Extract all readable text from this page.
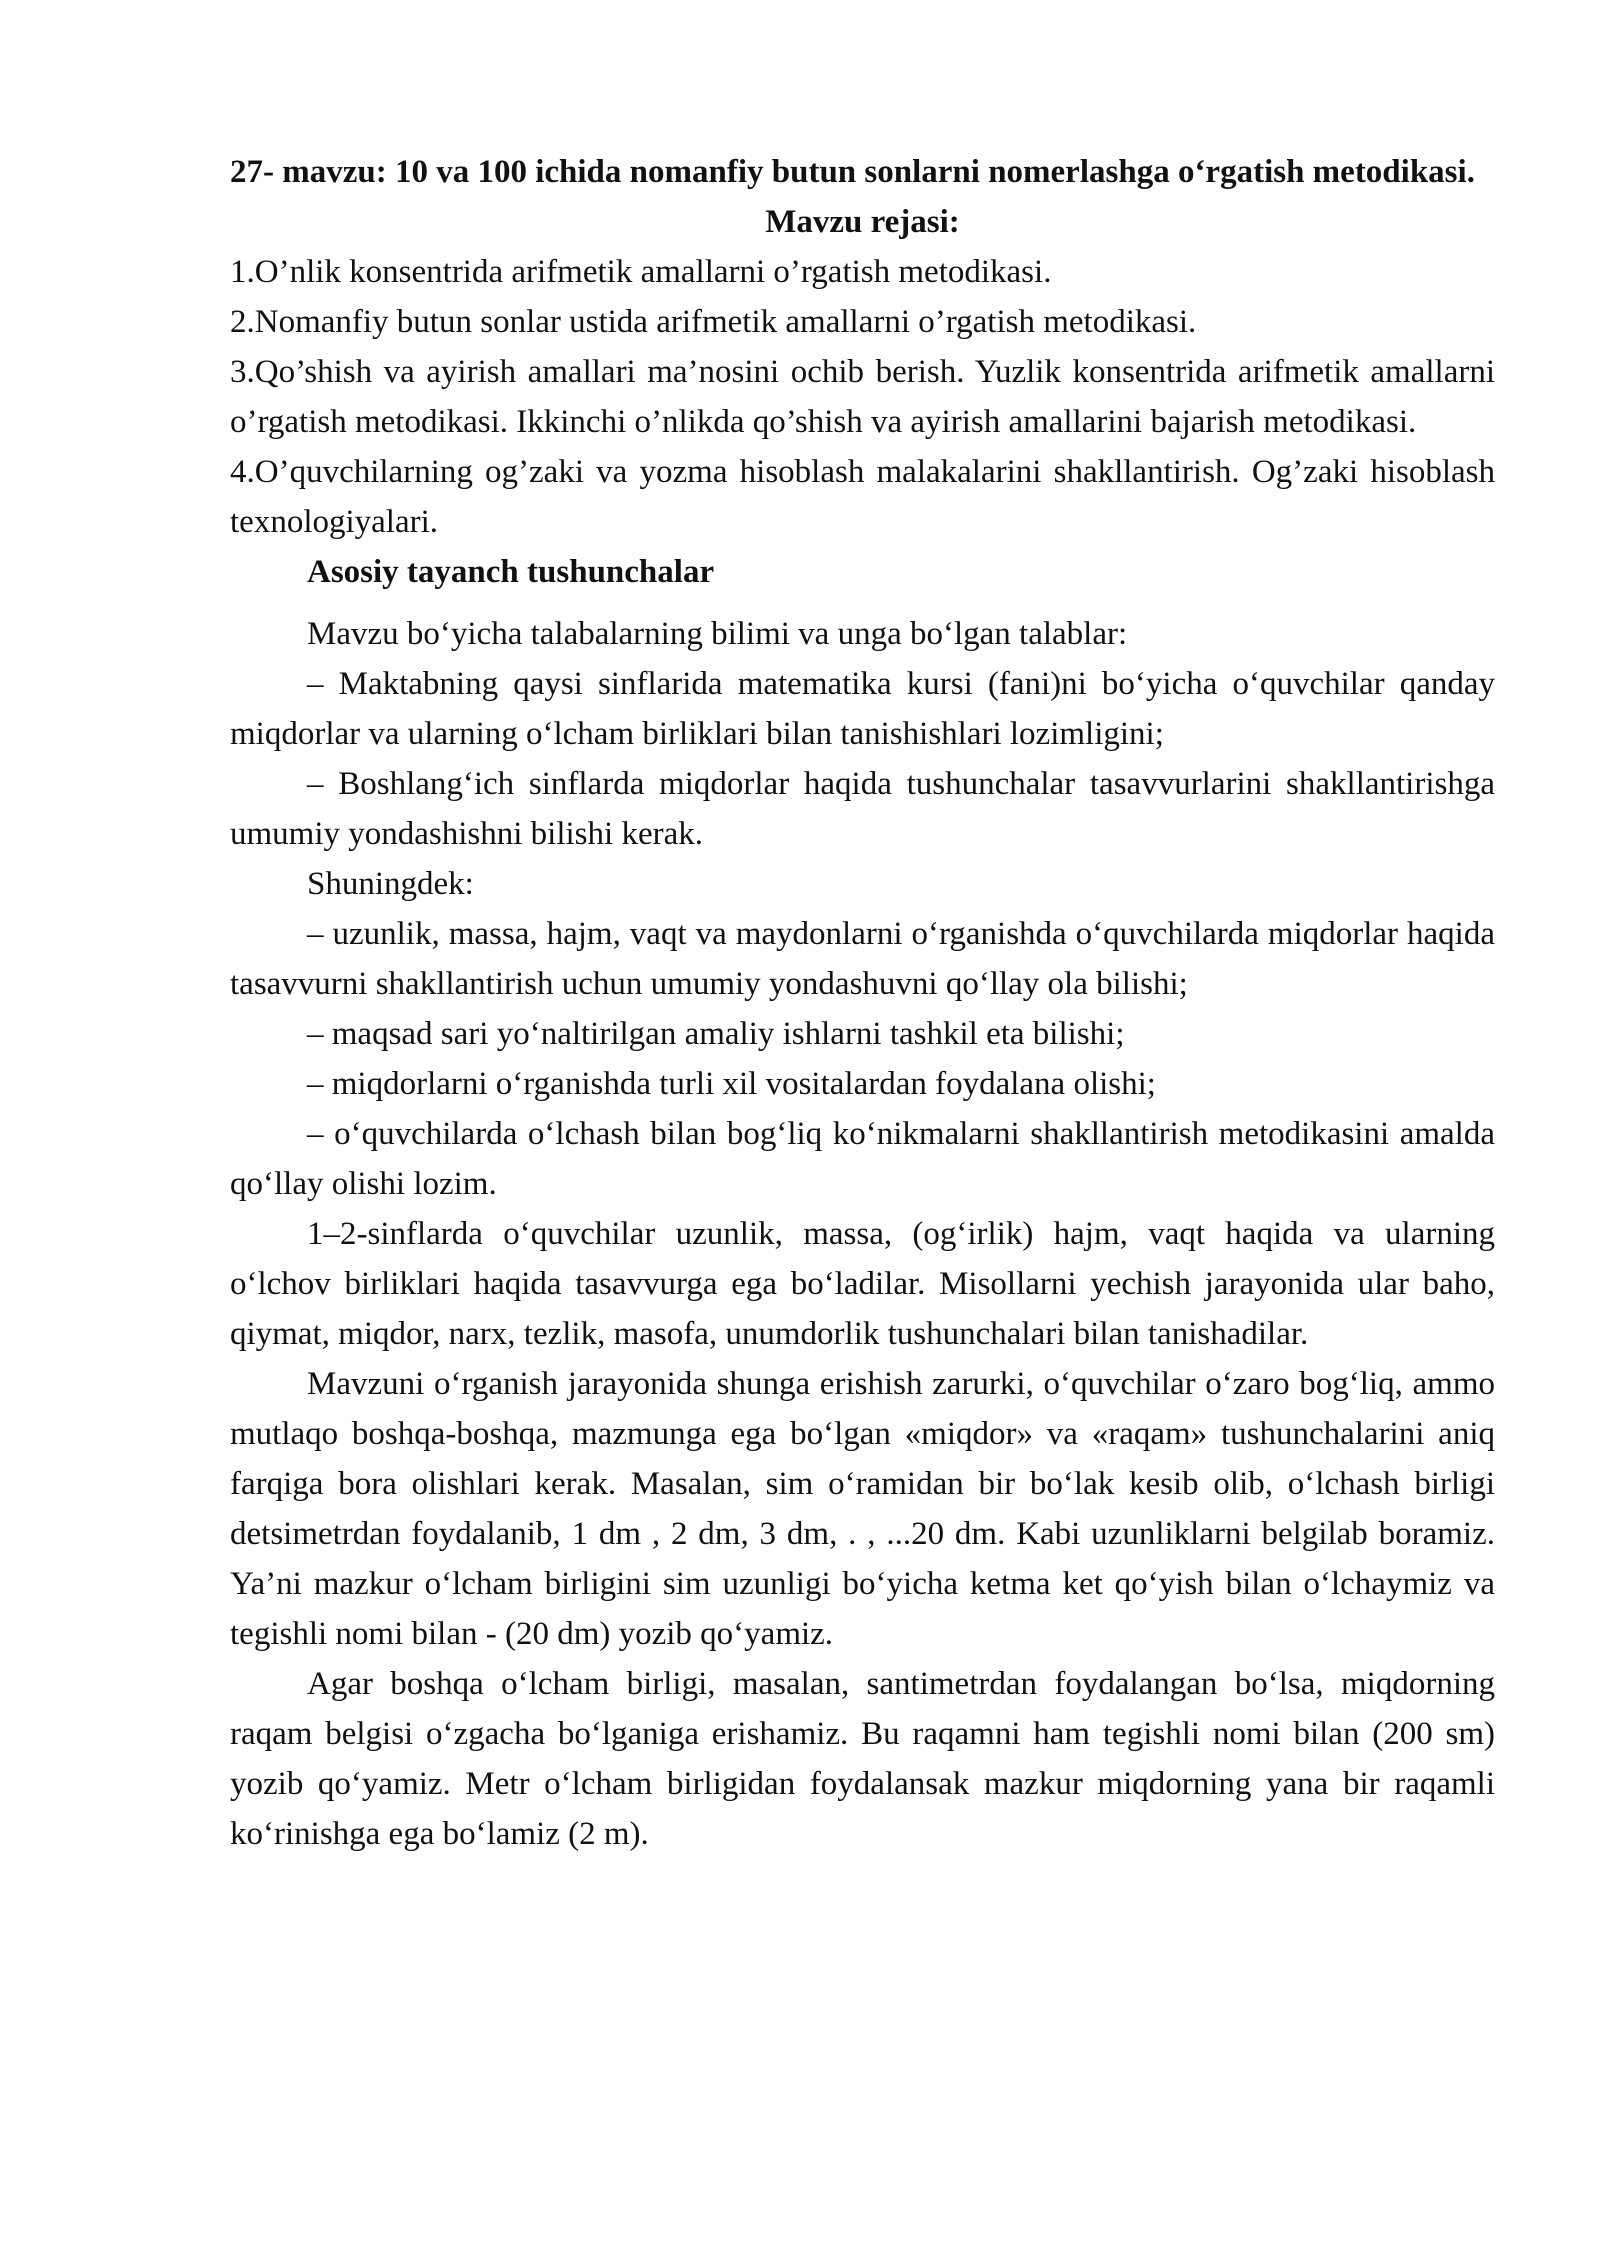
27- mavzu: 10 va 100 ichida nomanfiy butun sonlarni nomerlashga o‘rgatish metodikasi.

Mavzu rejasi:

1.O’nlik konsentrida arifmetik amallarni o’rgatish metodikasi.

2.Nomanfiy butun sonlar ustida arifmetik amallarni o’rgatish metodikasi.

3.Qo’shish va ayirish amallari ma’nosini ochib berish. Yuzlik konsentrida arifmetik amallarni o’rgatish metodikasi. Ikkinchi o’nlikda qo’shish va ayirish amallarini bajarish metodikasi.

4.O’quvchilarning og’zaki va yozma hisoblash malakalarini shakllantirish. Og’zaki hisoblash texnologiyalari.

Asosiy tayanch tushunchalar

Mavzu bo‘yicha talabalarning bilimi va unga bo‘lgan talablar:

– Maktabning qaysi sinflarida matematika kursi (fani)ni bo‘yicha o‘quvchilar qanday miqdorlar va ularning o‘lcham birliklari bilan tanishishlari lozimligini;

– Boshlang‘ich sinflarda miqdorlar haqida tushunchalar tasavvurlarini shakllantirishga umumiy yondashishni bilishi kerak.

Shuningdek:

– uzunlik, massa, hajm, vaqt va maydonlarni o‘rganishda o‘quvchilarda miqdorlar haqida tasavvurni shakllantirish uchun umumiy yondashuvni qo‘llay ola bilishi;

– maqsad sari yo‘naltirilgan amaliy ishlarni tashkil eta bilishi;

– miqdorlarni o‘rganishda turli xil vositalardan foydalana olishi;

– o‘quvchilarda o‘lchash bilan bog‘liq ko‘nikmalarni shakllantirish metodikasini amalda qo‘llay olishi lozim.

1–2-sinflarda o‘quvchilar uzunlik, massa, (og‘irlik) hajm, vaqt haqida va ularning o‘lchov birliklari haqida tasavvurga ega bo‘ladilar. Misollarni yechish jarayonida ular baho, qiymat, miqdor, narx, tezlik, masofa, unumdorlik tushunchalari bilan tanishadilar.

Mavzuni o‘rganish jarayonida shunga erishish zarurki, o‘quvchilar o‘zaro bog‘liq, ammo mutlaqo boshqa-boshqa, mazmunga ega bo‘lgan «miqdor» va «raqam» tushunchalarini aniq farqiga bora olishlari kerak. Masalan, sim o‘ramidan bir bo‘lak kesib olib, o‘lchash birligi detsimetrdan foydalanib, 1 dm , 2 dm, 3 dm, . , ...20 dm. Kabi uzunliklarni belgilab boramiz. Ya’ni mazkur o‘lcham birligini sim uzunligi bo‘yicha ketma ket qo‘yish bilan o‘lchaymiz va tegishli nomi bilan - (20 dm) yozib qo‘yamiz.

Agar boshqa o‘lcham birligi, masalan, santimetrdan foydalangan bo‘lsa, miqdorning raqam belgisi o‘zgacha bo‘lganiga erishamiz. Bu raqamni ham tegishli nomi bilan (200 sm) yozib qo‘yamiz. Metr o‘lcham birligidan foydalansak mazkur miqdorning yana bir raqamli ko‘rinishga ega bo‘lamiz (2 m).
